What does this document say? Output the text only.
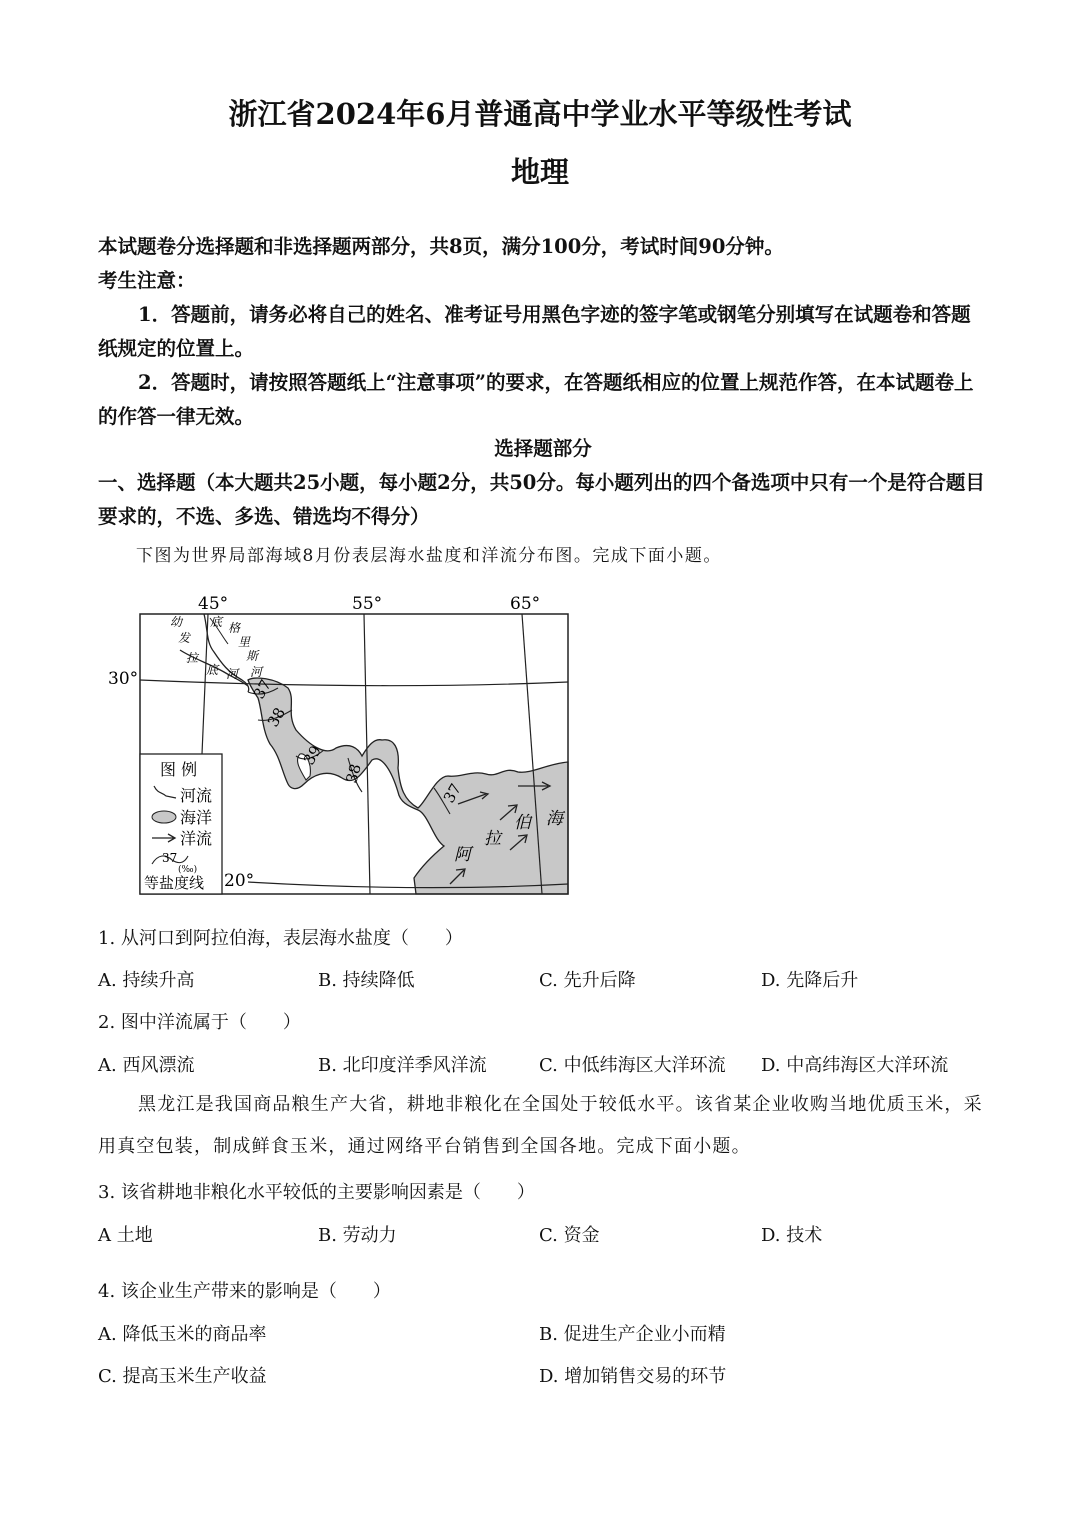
浙江省2024年6月普通高中学业水平等级性考试
地理
本试题卷分选择题和非选择题两部分，共8页，满分100分，考试时间90分钟。
考生注意：
1．答题前，请务必将自己的姓名、准考证号用黑色字迹的签字笔或钢笔分别填写在试题卷和答题纸规定的位置上。
2．答题时，请按照答题纸上“注意事项”的要求，在答题纸相应的位置上规范作答，在本试题卷上的作答一律无效。
选择题部分
一、选择题（本大题共25小题，每小题2分，共50分。每小题列出的四个备选项中只有一个是符合题目要求的，不选、多选、错选均不得分）
下图为世界局部海域8月份表层海水盐度和洋流分布图。完成下面小题。
45°	55°	65°
30°
20°
幼
发
拉
底 河
底 格
里
斯
河
37
38
39
38
37
阿
拉
伯 海
图 例
河流
海洋
洋流
37
(‰)
等盐度线
1. 从河口到阿拉伯海，表层海水盐度（　　）
A. 持续升高	B. 持续降低	C. 先升后降	D. 先降后升
2. 图中洋流属于（　　）
A. 西风漂流	B. 北印度洋季风洋流	C. 中低纬海区大洋环流 D. 中高纬海区大洋环流
黑龙江是我国商品粮生产大省，耕地非粮化在全国处于较低水平。该省某企业收购当地优质玉米，采用真空包装，制成鲜食玉米，通过网络平台销售到全国各地。完成下面小题。
3. 该省耕地非粮化水平较低的主要影响因素是（　　）
A 土地	B. 劳动力	C. 资金	D. 技术
4. 该企业生产带来的影响是（　　）
A. 降低玉米的商品率	B. 促进生产企业小而精
C. 提高玉米生产收益	D. 增加销售交易的环节
